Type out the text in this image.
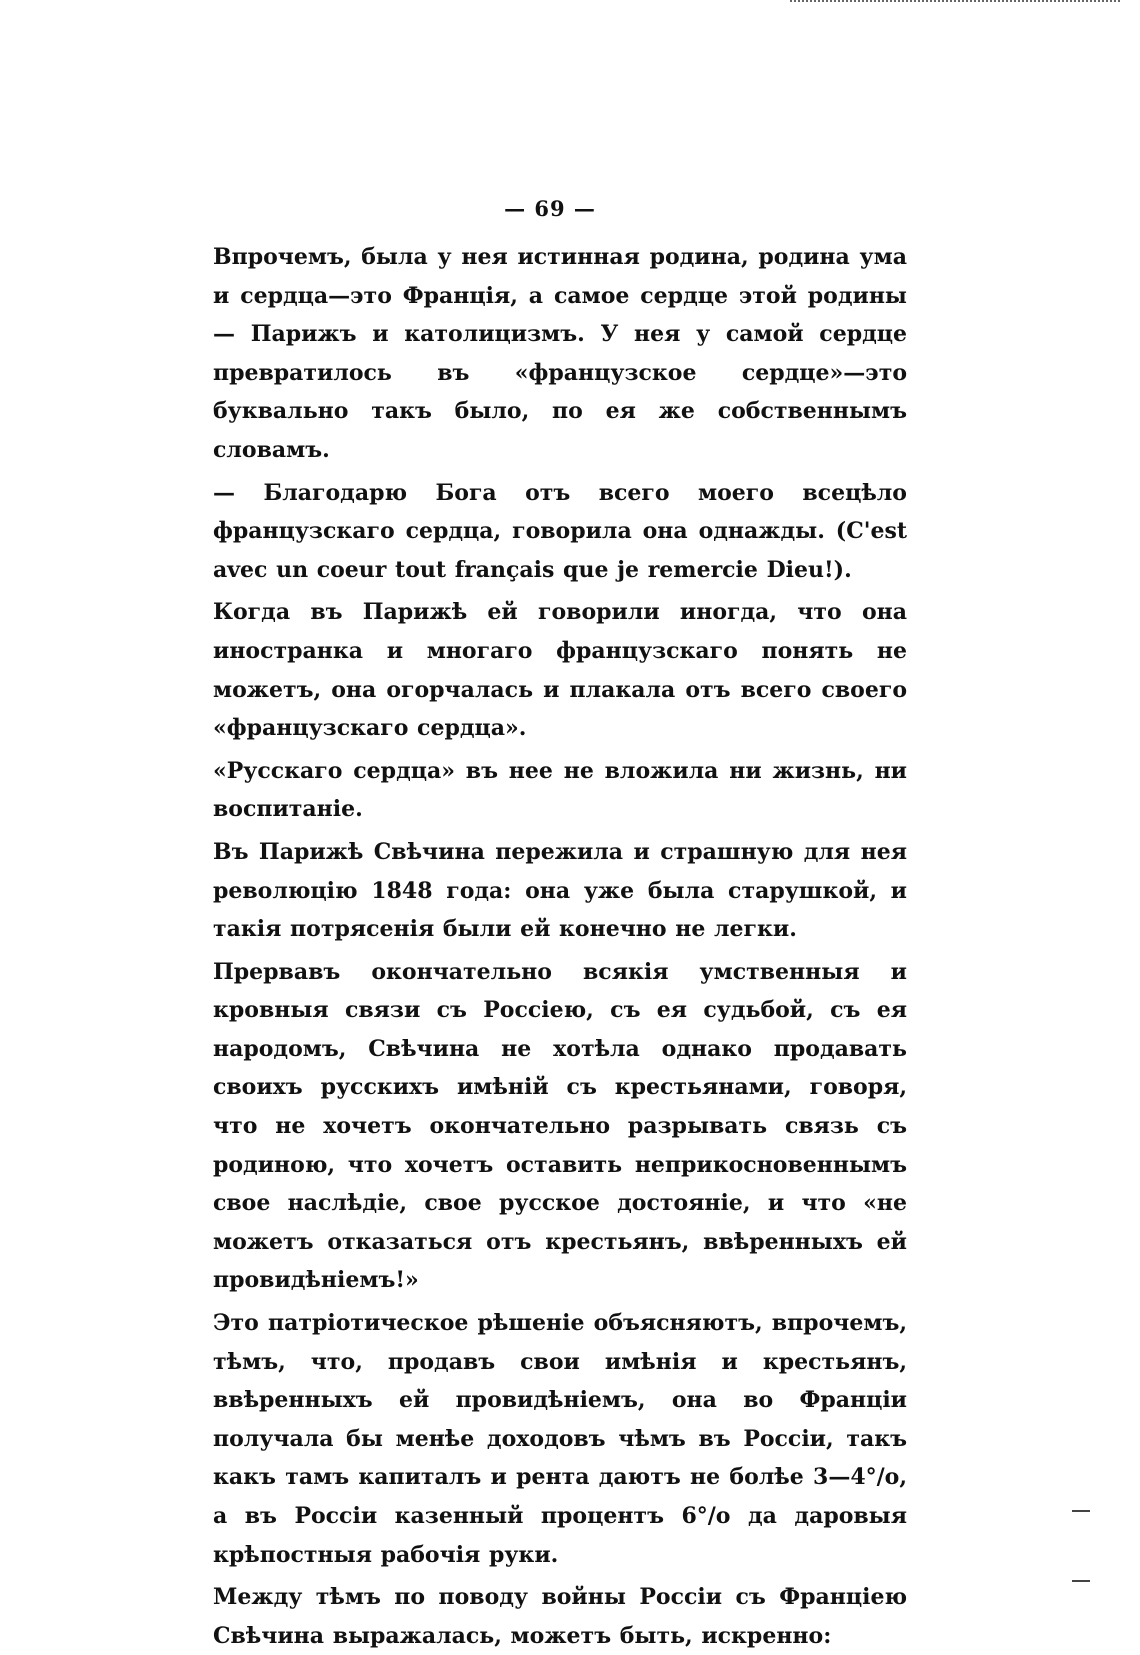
— 69 —

Впрочемъ, была у нея истинная родина, родина ума и сердца—это Францiя, а самое сердце этой родины — Парижъ и католицизмъ. У нея у самой сердце превратилось въ «французское сердце»—это буквально такъ было, по ея же собственнымъ словамъ.

— Благодарю Бога отъ всего моего всецѣло французскаго сердца, говорила она однажды. (C'est avec un coeur tout français que je remercie Dieu!).

Когда въ Парижѣ ей говорили иногда, что она иностранка и многаго французскаго понять не можетъ, она огорчалась и плакала отъ всего своего «французскаго сердца».

«Русскаго сердца» въ нее не вложила ни жизнь, ни воспитанiе.

Въ Парижѣ Свѣчина пережила и страшную для нея революцiю 1848 года: она уже была старушкой, и такiя потрясенiя были ей конечно не легки.

Прервавъ окончательно всякiя умственныя и кровныя связи съ Россiею, съ ея судьбой, съ ея народомъ, Свѣчина не хотѣла однако продавать своихъ русскихъ имѣнiй съ крестьянами, говоря, что не хочетъ окончательно разрывать связь съ родиною, что хочетъ оставить неприкосновеннымъ свое наслѣдiе, свое русское достоянiе, и что «не можетъ отказаться отъ крестьянъ, ввѣренныхъ ей провидѣнiемъ!»

Это патрiотическое рѣшенiе объясняютъ, впрочемъ, тѣмъ, что, продавъ свои имѣнiя и крестьянъ, ввѣренныхъ ей провидѣнiемъ, она во Францiи получала бы менѣе доходовъ чѣмъ въ Россiи, такъ какъ тамъ капиталъ и рента даютъ не болѣе 3—4°/о, а въ Россiи казенный процентъ 6°/о да даровыя крѣпостныя рабочiя руки.

Между тѣмъ по поводу войны Россiи съ Францiею Свѣчина выражалась, можетъ быть, искренно:
